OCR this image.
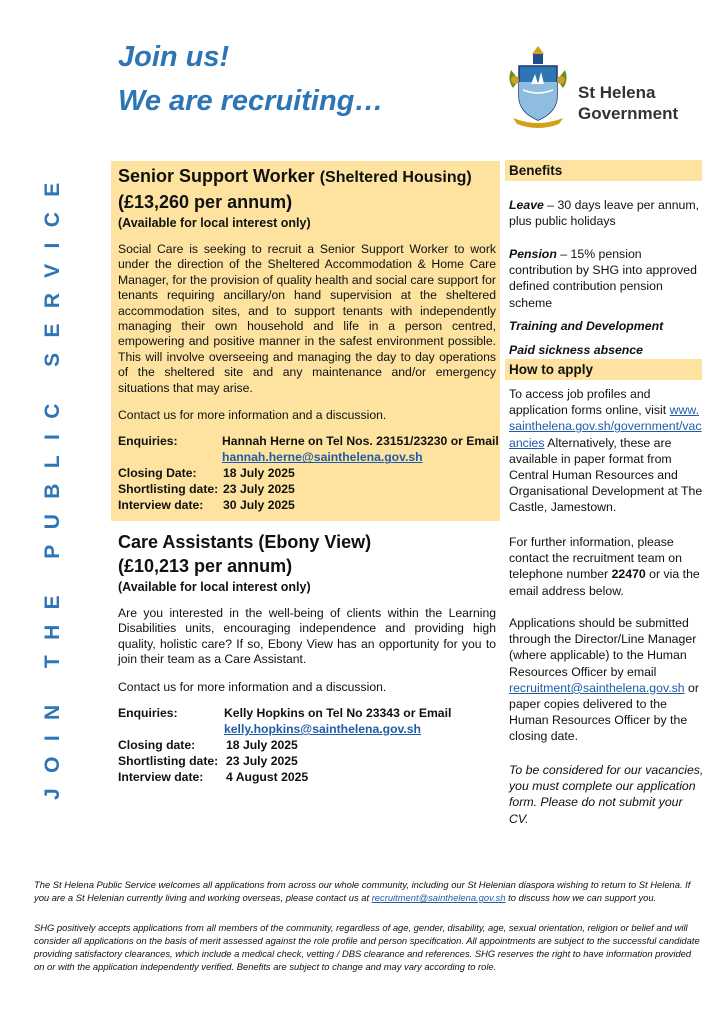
Join us!
We are recruiting…
JOIN THE PUBLIC SERVICE
St Helena
Government

Senior Support Worker (Sheltered Housing)

(£13,260 per annum)

(Available for local interest only)

Social Care is seeking to recruit a Senior Support Worker to work under the direction of the Sheltered Accommodation & Home Care Manager, for the provision of quality health and social care support for tenants requiring ancillary/on hand supervision at the sheltered accommodation sites, and to support tenants with independently managing their own household and life in a person centred, empowering and positive manner in the safest environment possible. This will involve overseeing and managing the day to day operations of the sheltered site and any maintenance and/or emergency situations that may arise.

Contact us for more information and a discussion.

Enquiries:	Hannah Herne on Tel Nos. 23151/23230 or Email
hannah.herne@sainthelena.gov.sh
Closing Date: 18 July 2025
Shortlisting date: 23 July 2025
Interview date: 30 July 2025

Care Assistants (Ebony View)

(£10,213 per annum)

(Available for local interest only)

Are you interested in the well-being of clients within the Learning Disabilities units, encouraging independence and providing high quality, holistic care? If so, Ebony View has an opportunity for you to join their team as a Care Assistant.

Contact us for more information and a discussion.

Enquiries:	Kelly Hopkins on Tel No 23343 or Email
kelly.hopkins@sainthelena.gov.sh
Closing date:	18 July 2025
Shortlisting date: 23 July 2025
Interview date: 4 August 2025
Benefits

Leave – 30 days leave per annum, plus public holidays

Pension – 15% pension contribution by SHG into approved defined contribution pension scheme

Training and Development

Paid sickness absence

How to apply

To access job profiles and application forms online, visit www.sainthelena.gov.sh/government/vacancies Alternatively, these are available in paper format from Central Human Resources and Organisational Development at The Castle, Jamestown.

For further information, please contact the recruitment team on telephone number 22470 or via the email address below.

Applications should be submitted through the Director/Line Manager (where applicable) to the Human Resources Officer by email recruitment@sainthelena.gov.sh or paper copies delivered to the Human Resources Officer by the closing date.

To be considered for our vacancies, you must complete our application form. Please do not submit your CV.

The St Helena Public Service welcomes all applications from across our whole community, including our St Helenian diaspora wishing to return to St Helena. If you are a St Helenian currently living and working overseas, please contact us at recruitment@sainthelena.gov.sh to discuss how we can support you.

SHG positively accepts applications from all members of the community, regardless of age, gender, disability, age, sexual orientation, religion or belief and will consider all applications on the basis of merit assessed against the role profile and person specification. All appointments are subject to the successful candidate providing satisfactory clearances, which include a medical check, vetting / DBS clearance and references. SHG reserves the right to have information provided on or with the application independently verified. Benefits are subject to change and may vary according to role.
